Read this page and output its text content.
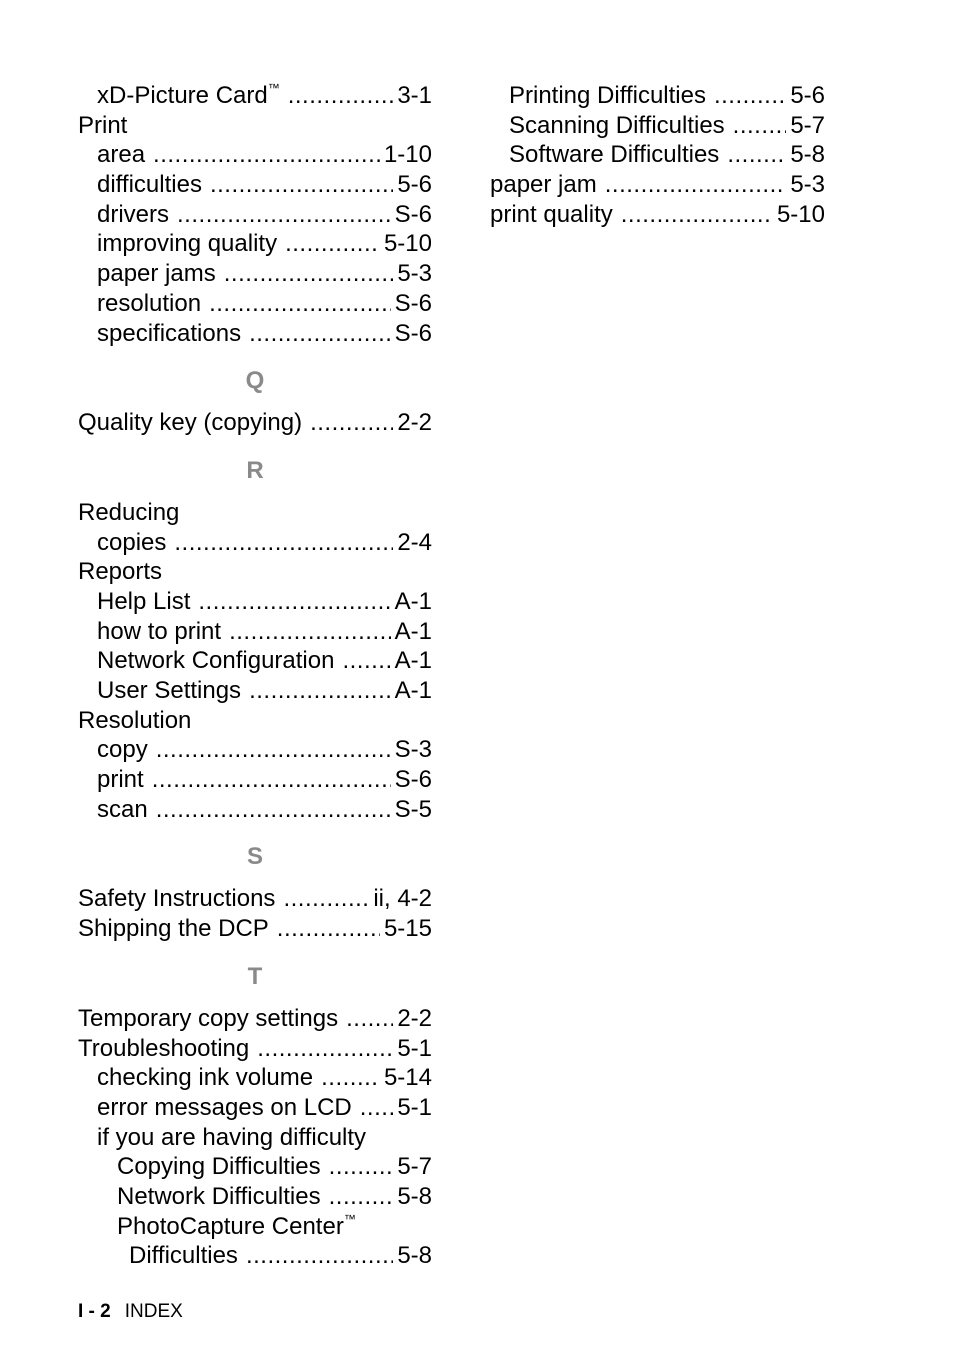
xD-Picture Card™ .....	3-1
Print
area .....	1-10
difficulties .....	5-6
drivers .....	S-6
improving quality .....	5-10
paper jams .....	5-3
resolution .....	S-6
specifications .....	S-6
Q
Quality key (copying) .....	2-2
R
Reducing
copies .....	2-4
Reports
Help List .....	A-1
how to print .....	A-1
Network Configuration .....	A-1
User Settings .....	A-1
Resolution
copy .....	S-3
print .....	S-6
scan .....	S-5
S
Safety Instructions .....	ii, 4-2
Shipping the DCP .....	5-15
T
Temporary copy settings ..... 2-2
Troubleshooting .....	5-1
checking ink volume .....	5-14
error messages on LCD ..... 5-1
if you are having difficulty
Copying Difficulties .....	5-7
Network Difficulties .....	5-8
PhotoCapture Center™
Difficulties .....	5-8
Printing Difficulties .....	5-6
Scanning Difficulties .....	5-7
Software Difficulties .....	5-8
paper jam .....	5-3
print quality .....	5-10
I - 2 INDEX
